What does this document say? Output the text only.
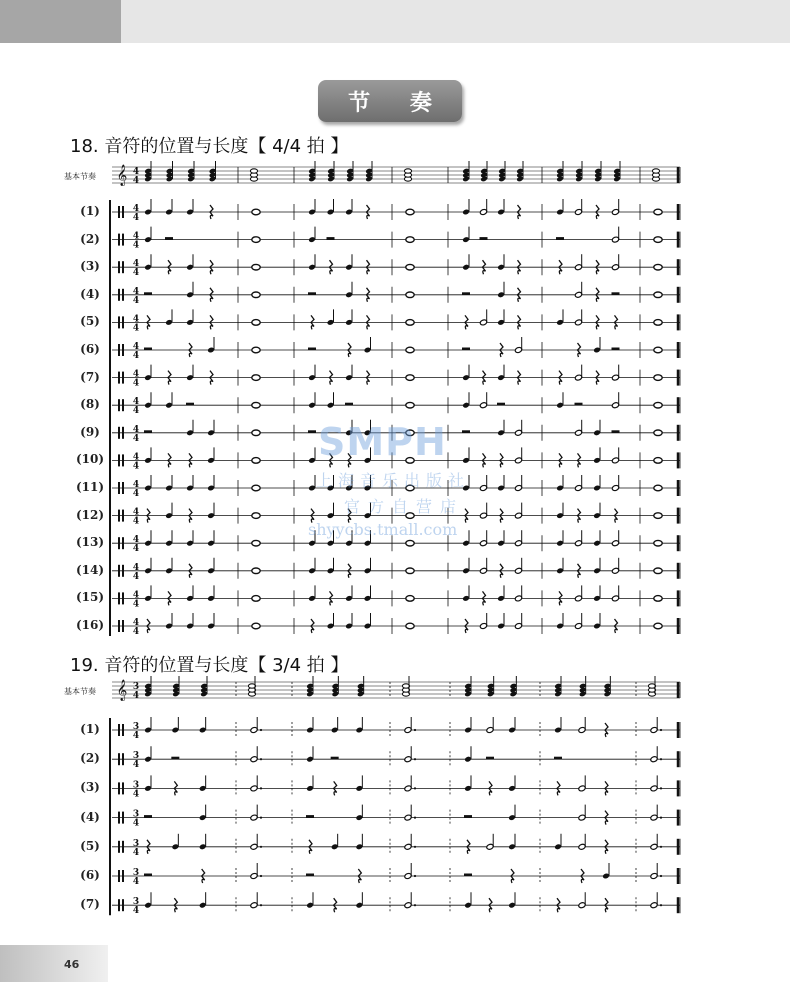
节 奏
18. 音符的位置与长度【 4/4 拍 】
基本节奏
19. 音符的位置与长度【 3/4 拍 】
基本节奏
(1)
(2)
(3)
(4)
(5)
(6)
(7)
(8)
(9)
(10)
(11)
(12)
(13)
(14)
(15)
(16)
(1)
(2)
(3)
(4)
(5)
(6)
(7)
𝄞 4
4
4
4
4
4
4
4
4
4
4
4
4
4
4
4
4
4
4
4
4
4
4
4
4
4
4
4
4
4
4
4
4
4
𝄞 3
4
3
4
3
4
3
4
3
4
3
4
3
4
3
4
SMPH
上海音乐出版社
官方自营店
shyycbs.tmall.com
46
